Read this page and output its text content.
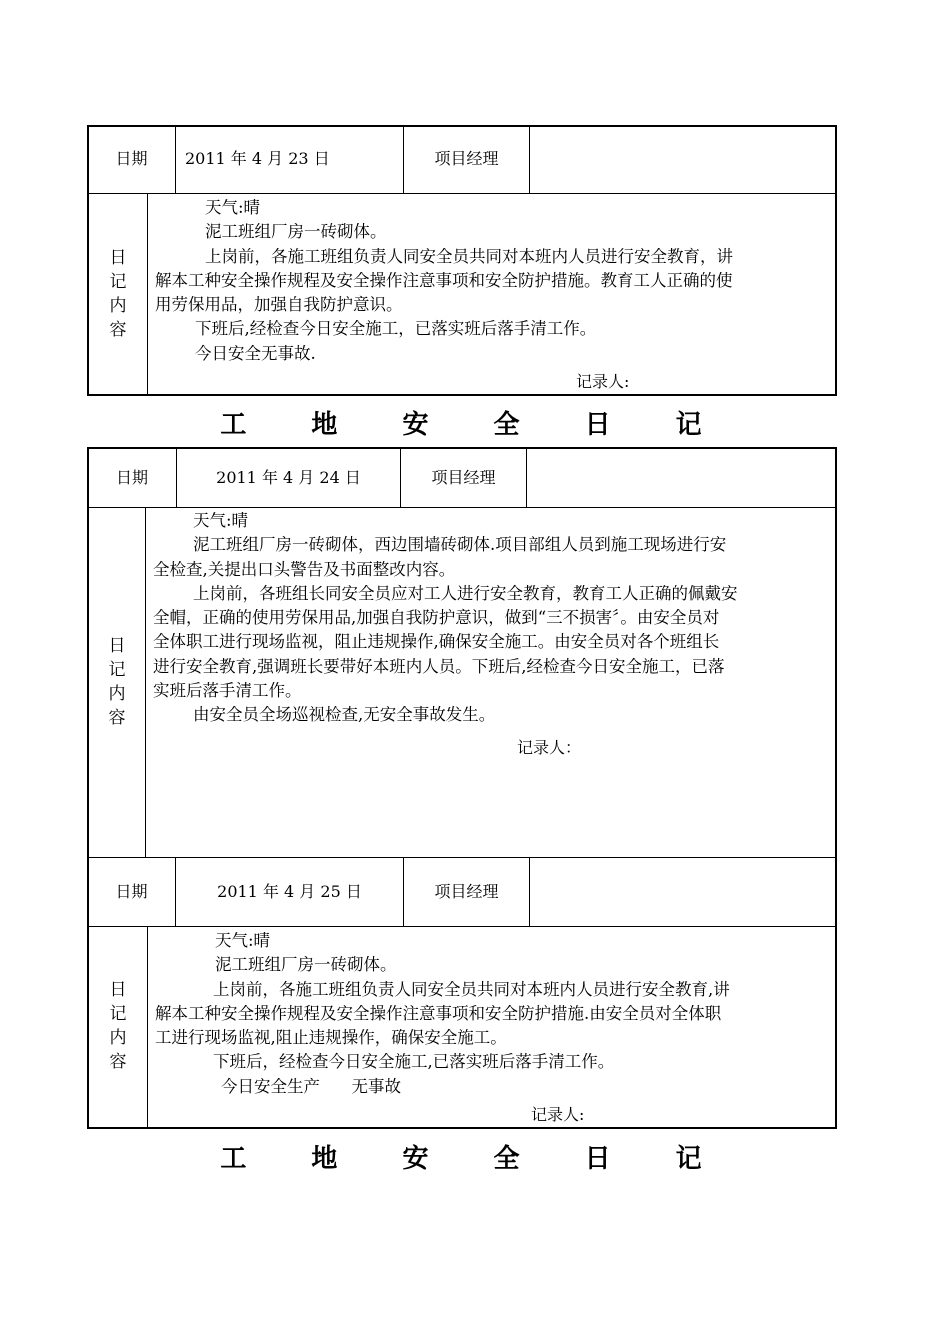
日期	2011 年 4 月 23 日	项目经理
日
记
内
容

天气:晴

泥工班组厂房一砖砌体。

上岗前，各施工班组负责人同安全员共同对本班内人员进行安全教育，讲

解本工种安全操作规程及安全操作注意事项和安全防护措施。教育工人正确的使

用劳保用品，加强自我防护意识。

下班后,经检查今日安全施工，已落实班后落手清工作。

今日安全无事故.

记录人:
工 地 安 全 日 记
日期	2011 年 4 月 24 日	项目经理
日
记
内
容

天气:晴

泥工班组厂房一砖砌体，西边围墙砖砌体.项目部组人员到施工现场进行安

全检查,关提出口头警告及书面整改内容。

上岗前，各班组长同安全员应对工人进行安全教育，教育工人正确的佩戴安

全帽，正确的使用劳保用品,加强自我防护意识，做到“三不损害〞。由安全员对

全体职工进行现场监视，阻止违规操作,确保安全施工。由安全员对各个班组长

进行安全教育,强调班长要带好本班内人员。下班后,经检查今日安全施工，已落

实班后落手清工作。

由安全员全场巡视检查,无安全事故发生。

记录人：
日期	2011 年 4 月 25 日	项目经理
日
记
内
容

天气:晴

泥工班组厂房一砖砌体。

上岗前，各施工班组负责人同安全员共同对本班内人员进行安全教育,讲

解本工种安全操作规程及安全操作注意事项和安全防护措施.由安全员对全体职

工进行现场监视,阻止违规操作，确保安全施工。

下班后，经检查今日安全施工,已落实班后落手清工作。

今日安全生产      无事故

记录人:
工 地 安 全 日 记
